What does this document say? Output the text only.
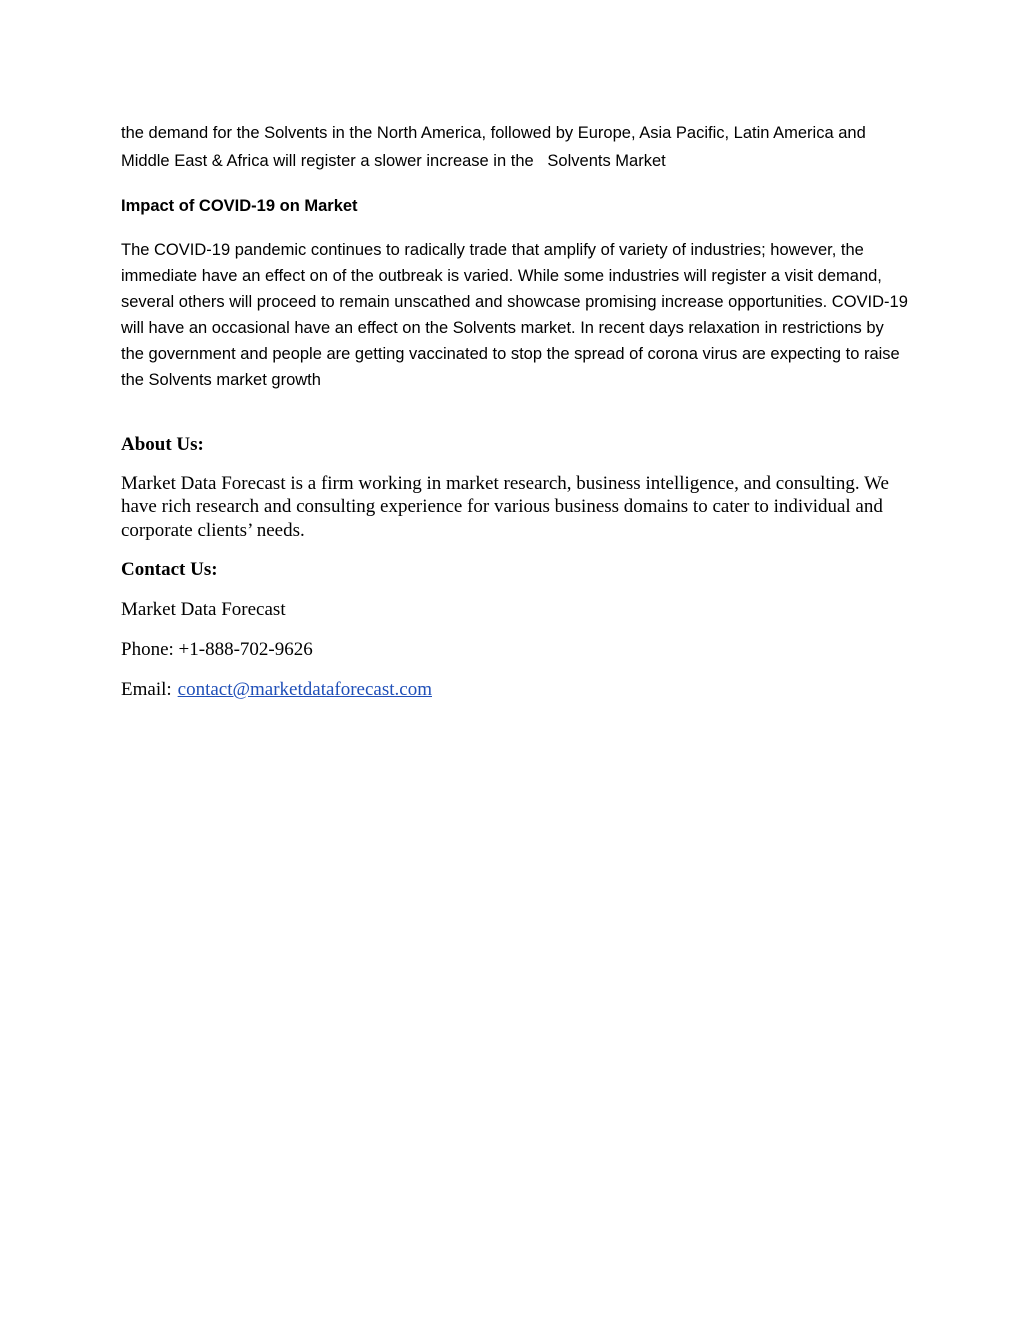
the demand for the Solvents in the North America, followed by Europe, Asia Pacific, Latin America and Middle East & Africa will register a slower increase in the   Solvents Market

Impact of COVID-19 on Market

The COVID-19 pandemic continues to radically trade that amplify of variety of industries; however, the immediate have an effect on of the outbreak is varied. While some industries will register a visit demand, several others will proceed to remain unscathed and showcase promising increase opportunities. COVID-19 will have an occasional have an effect on the Solvents market. In recent days relaxation in restrictions by the government and people are getting vaccinated to stop the spread of corona virus are expecting to raise the Solvents market growth

About Us:

Market Data Forecast is a firm working in market research, business intelligence, and consulting. We have rich research and consulting experience for various business domains to cater to individual and corporate clients’ needs.

Contact Us:

Market Data Forecast

Phone: +1-888-702-9626

Email: contact@marketdataforecast.com
